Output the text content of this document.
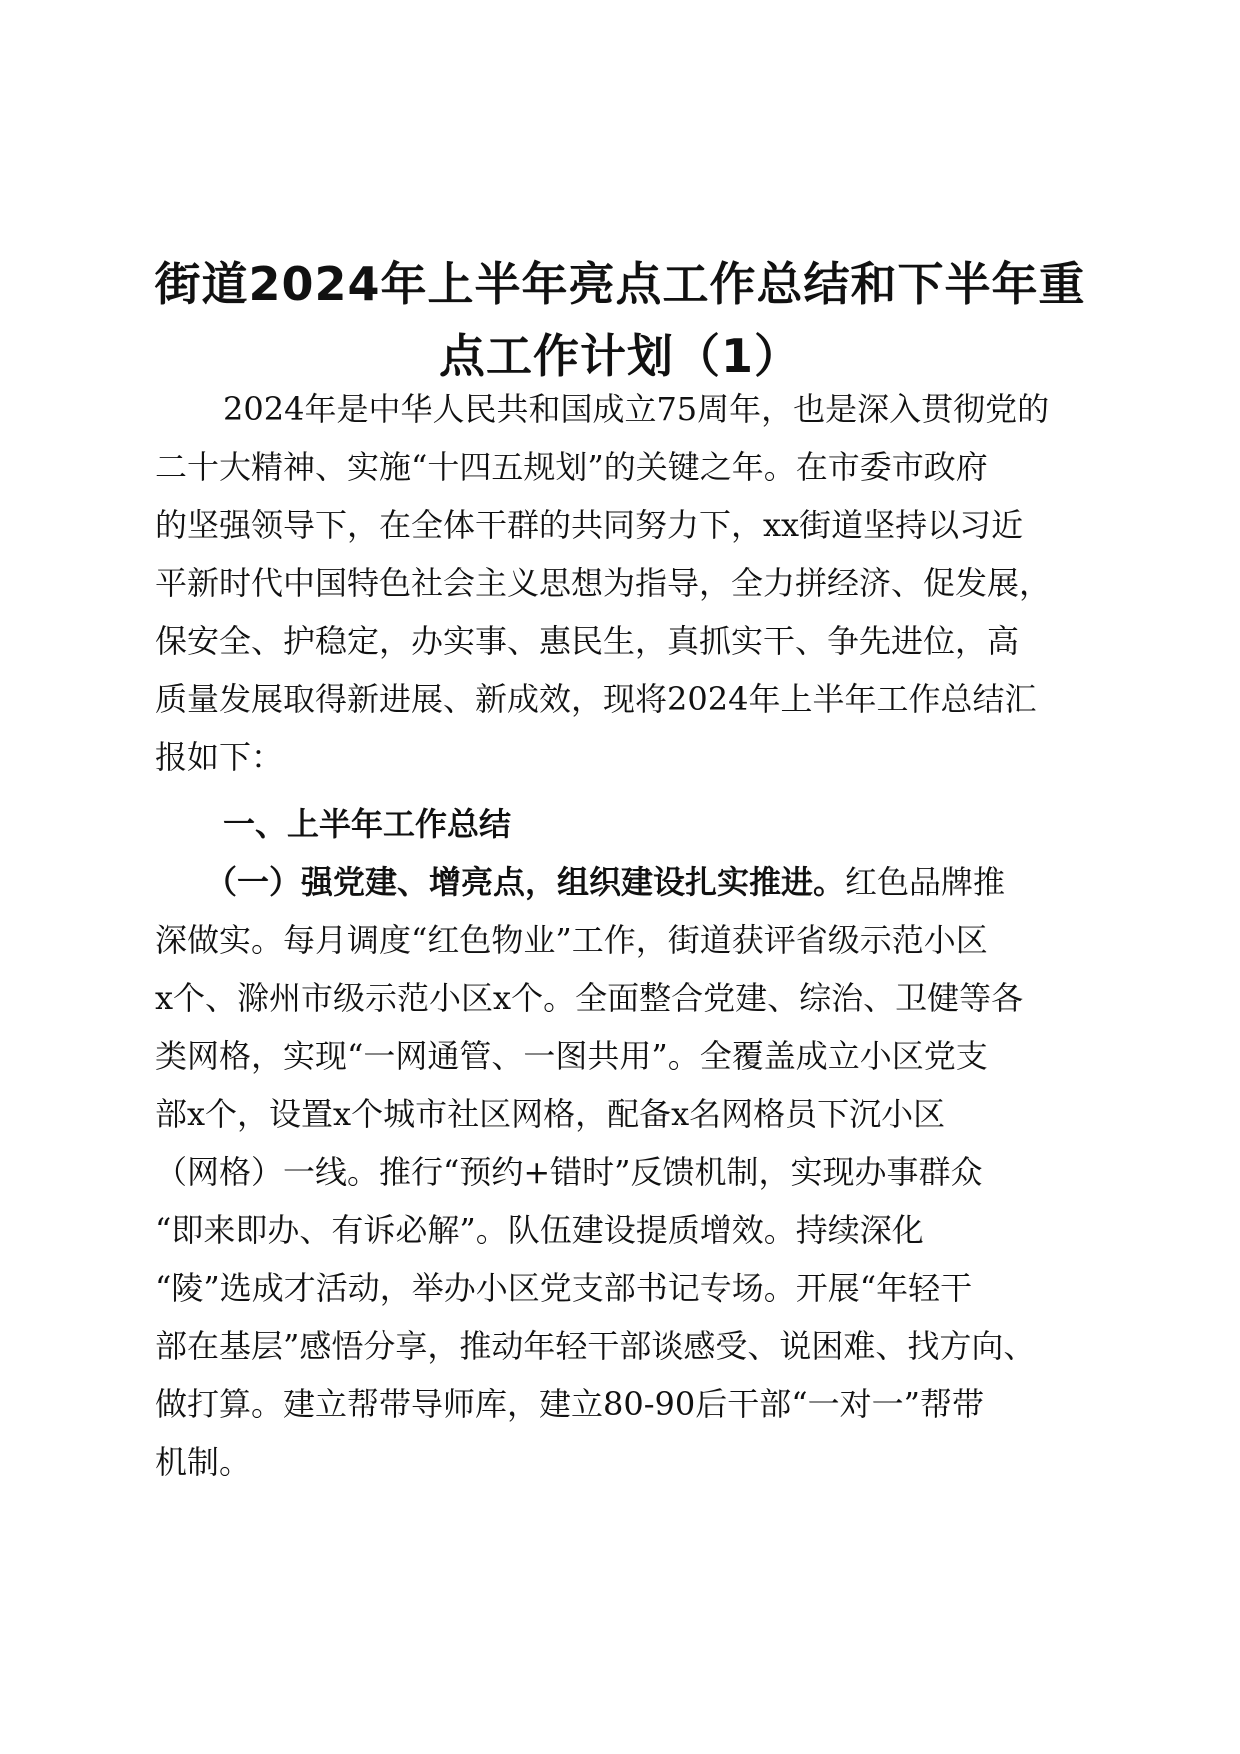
街道2024年上半年亮点工作总结和下半年重
点工作计划（1）
2024年是中华人民共和国成立75周年，也是深入贯彻党的
二十大精神、实施“十四五规划”的关键之年。在市委市政府
的坚强领导下，在全体干群的共同努力下，xx街道坚持以习近
平新时代中国特色社会主义思想为指导，全力拼经济、促发展，
保安全、护稳定，办实事、惠民生，真抓实干、争先进位，高
质量发展取得新进展、新成效，现将2024年上半年工作总结汇
报如下：
一、上半年工作总结
（一）强党建、增亮点，组织建设扎实推进。红色品牌推
深做实。每月调度“红色物业”工作，街道获评省级示范小区
x个、滁州市级示范小区x个。全面整合党建、综治、卫健等各
类网格，实现“一网通管、一图共用”。全覆盖成立小区党支
部x个，设置x个城市社区网格，配备x名网格员下沉小区
（网格）一线。推行“预约+错时”反馈机制，实现办事群众
“即来即办、有诉必解”。队伍建设提质增效。持续深化
“陵”选成才活动，举办小区党支部书记专场。开展“年轻干
部在基层”感悟分享，推动年轻干部谈感受、说困难、找方向、
做打算。建立帮带导师库，建立80-90后干部“一对一”帮带
机制。
